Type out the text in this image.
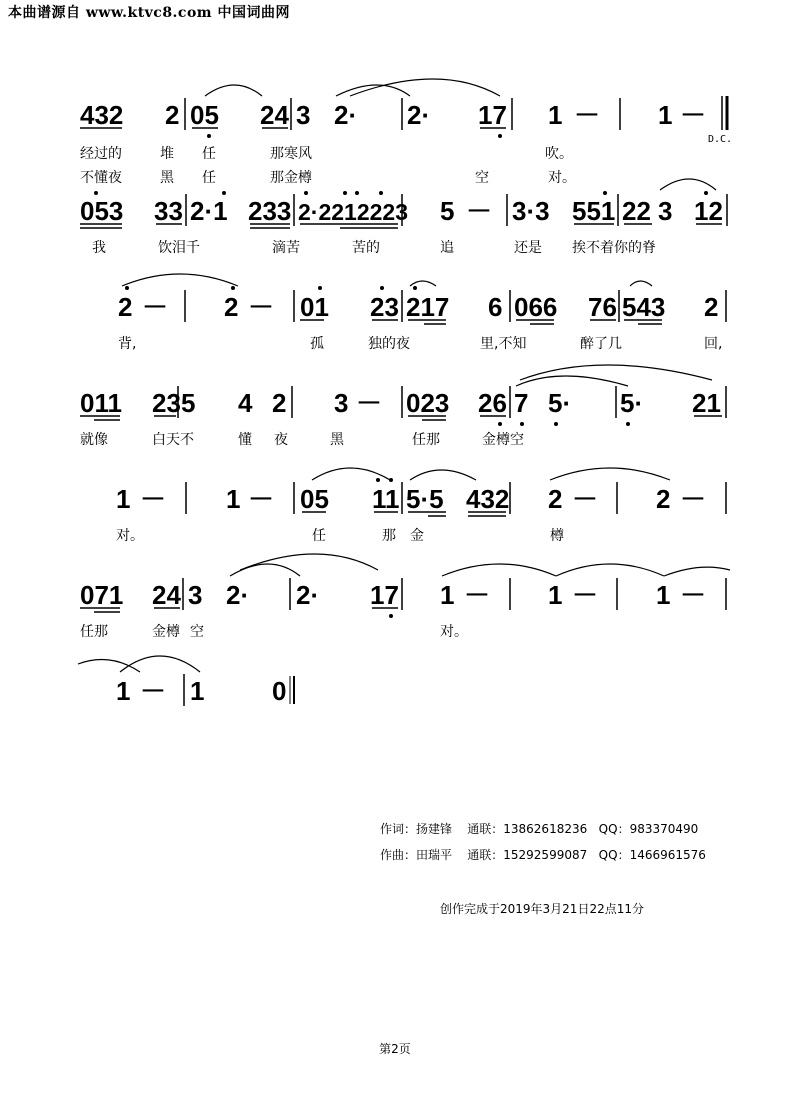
本曲谱源自 www.ktvc8.com 中国词曲网
432 2 05 24 3 2· 2· 17 1 － 1 －
D.C.
经过的	堆 任	那寒风	吹。
不懂夜	黑 任	那金樽	空	对。
053 33 2·1 233 2·2212223 5 － 3·3 551 22 3 12
我	饮泪千	滴苦	苦的	追	还是 挨不着你的脊
2 － 2 － 01 23 217 6 066 76 543 2
背,	孤	独的夜	里,不知	醉了几	回,
011 23 5 4 2 3 － 023 26 7 5· 5· 21
就像	白天不	懂 夜	黑	任那	金樽空
1 － 1 － 05 11 5·5 432 2 － 2 －
对。	任	那 金	樽
071 24 3 2· 2· 17 1 － 1 － 1 －
任那	金樽 空	对。
1 － 1	0
作词：扬建锋    通联：13862618236   QQ：983370490
作曲：田瑞平    通联：15292599087   QQ：1466961576
创作完成于2019年3月21日22点11分
第2页
